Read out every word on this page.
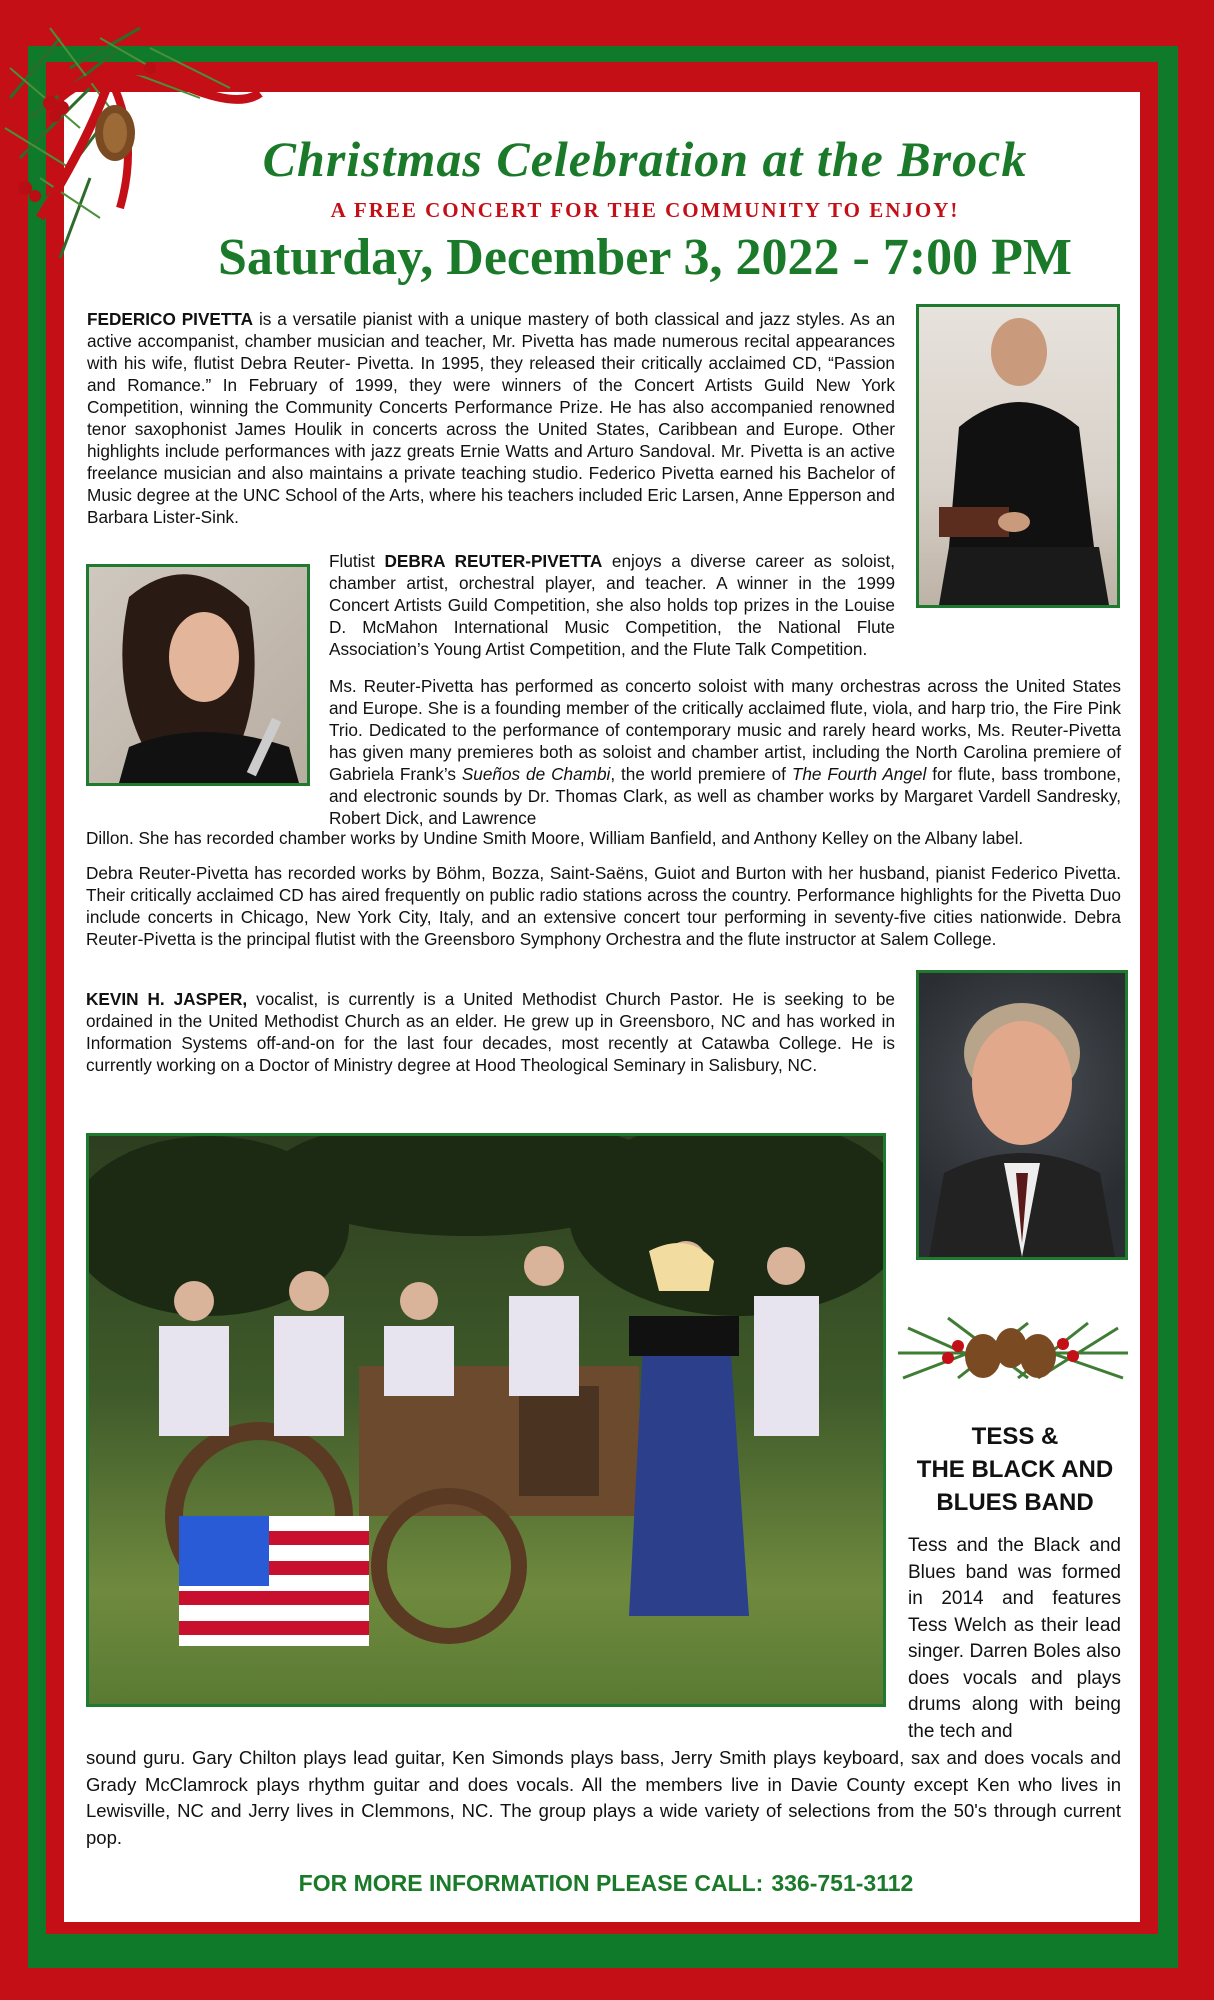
Christmas Celebration at the Brock
A FREE CONCERT FOR THE COMMUNITY TO ENJOY!
Saturday, December 3, 2022 - 7:00 PM
FEDERICO PIVETTA is a versatile pianist with a unique mastery of both classical and jazz styles. As an active accompanist, chamber musician and teacher, Mr. Pivetta has made numerous recital appearances with his wife, flutist Debra Reuter- Pivetta. In 1995, they released their critically acclaimed CD, “Passion and Romance.” In February of 1999, they were winners of the Concert Artists Guild New York Competition, winning the Community Concerts Performance Prize. He has also accompanied renowned tenor saxophonist James Houlik in concerts across the United States, Caribbean and Europe. Other highlights include performances with jazz greats Ernie Watts and Arturo Sandoval. Mr. Pivetta is an active freelance musician and also maintains a private teaching studio. Federico Pivetta earned his Bachelor of Music degree at the UNC School of the Arts, where his teachers included Eric Larsen, Anne Epperson and Barbara Lister-Sink.
Flutist DEBRA REUTER-PIVETTA enjoys a diverse career as soloist, chamber artist, orchestral player, and teacher. A winner in the 1999 Concert Artists Guild Competition, she also holds top prizes in the Louise D. McMahon International Music Competition, the National Flute Association’s Young Artist Competition, and the Flute Talk Competition.
Ms. Reuter-Pivetta has performed as concerto soloist with many orchestras across the United States and Europe. She is a founding member of the critically acclaimed flute, viola, and harp trio, the Fire Pink Trio. Dedicated to the performance of contemporary music and rarely heard works, Ms. Reuter-Pivetta has given many premieres both as soloist and chamber artist, including the North Carolina premiere of Gabriela Frank’s Sueños de Chambi, the world premiere of The Fourth Angel for flute, bass trombone, and electronic sounds by Dr. Thomas Clark, as well as chamber works by Margaret Vardell Sandresky, Robert Dick, and Lawrence
Dillon. She has recorded chamber works by Undine Smith Moore, William Banfield, and Anthony Kelley on the Albany label.
Debra Reuter-Pivetta has recorded works by Böhm, Bozza, Saint-Saëns, Guiot and Burton with her husband, pianist Federico Pivetta. Their critically acclaimed CD has aired frequently on public radio stations across the country. Performance highlights for the Pivetta Duo include concerts in Chicago, New York City, Italy, and an extensive concert tour performing in seventy-five cities nationwide. Debra Reuter-Pivetta is the principal flutist with the Greensboro Symphony Orchestra and the flute instructor at Salem College.
KEVIN H. JASPER, vocalist, is currently is a United Methodist Church Pastor. He is seeking to be ordained in the United Methodist Church as an elder. He grew up in Greensboro, NC and has worked in Information Systems off-and-on for the last four decades, most recently at Catawba College. He is currently working on a Doctor of Ministry degree at Hood Theological Seminary in Salisbury, NC.
TESS &
THE BLACK AND
BLUES BAND
Tess and the Black and Blues band was formed in 2014 and features Tess Welch as their lead singer. Darren Boles also does vocals and plays drums along with being the tech and
sound guru. Gary Chilton plays lead guitar, Ken Simonds plays bass, Jerry Smith plays keyboard, sax and does vocals and Grady McClamrock plays rhythm guitar and does vocals. All the members live in Davie County except Ken who lives in Lewisville, NC and Jerry lives in Clemmons, NC. The group plays a wide variety of selections from the 50's through current pop.
FOR MORE INFORMATION PLEASE CALL: 336-751-3112
